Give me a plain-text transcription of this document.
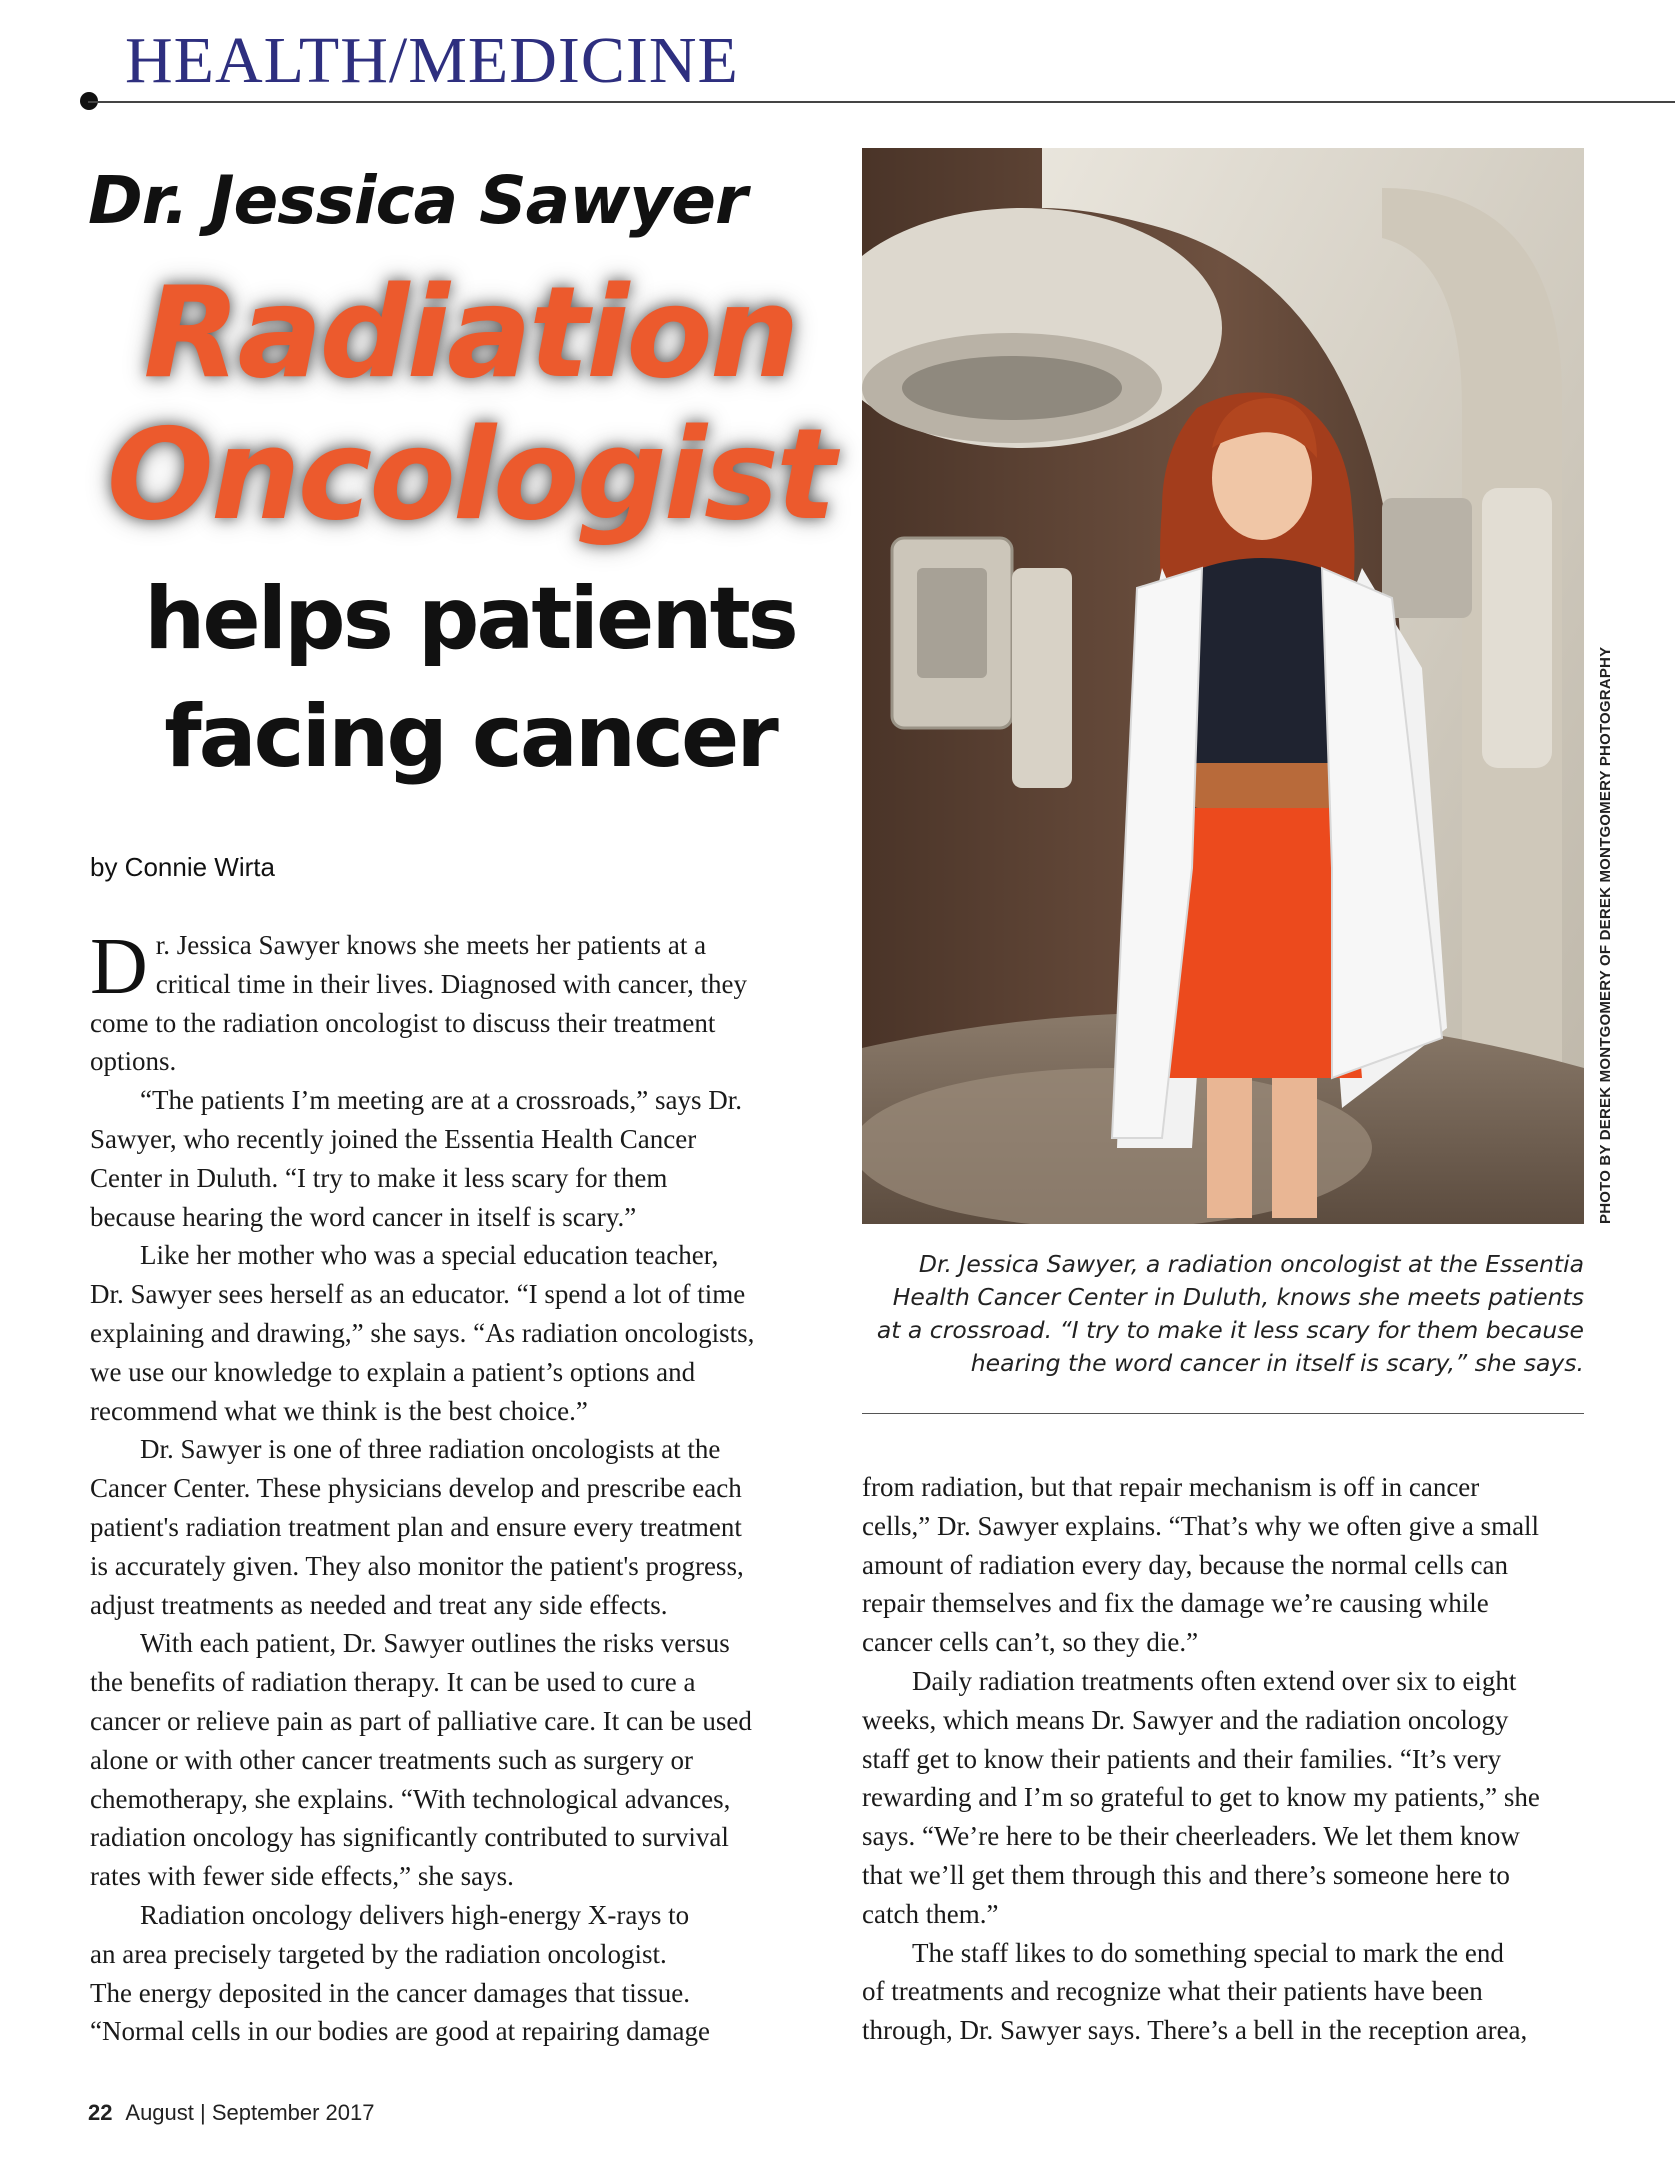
HEALTH/MEDICINE
Dr. Jessica Sawyer
Radiation
Oncologist
helps patients
facing cancer
by Connie Wirta

D r. Jessica Sawyer knows she meets her patients at a
critical time in their lives. Diagnosed with cancer, they
come to the radiation oncologist to discuss their treatment
options.

“The patients I’m meeting are at a crossroads,” says Dr.
Sawyer, who recently joined the Essentia Health Cancer
Center in Duluth. “I try to make it less scary for them
because hearing the word cancer in itself is scary.”

Like her mother who was a special education teacher,
Dr. Sawyer sees herself as an educator. “I spend a lot of time
explaining and drawing,” she says. “As radiation oncologists,
we use our knowledge to explain a patient’s options and
recommend what we think is the best choice.”

Dr. Sawyer is one of three radiation oncologists at the
Cancer Center. These physicians develop and prescribe each
patient's radiation treatment plan and ensure every treatment
is accurately given. They also monitor the patient's progress,
adjust treatments as needed and treat any side effects.

With each patient, Dr. Sawyer outlines the risks versus
the benefits of radiation therapy. It can be used to cure a
cancer or relieve pain as part of palliative care. It can be used
alone or with other cancer treatments such as surgery or
chemotherapy, she explains. “With technological advances,
radiation oncology has significantly contributed to survival
rates with fewer side effects,” she says.

Radiation oncology delivers high-energy X-rays to
an area precisely targeted by the radiation oncologist.
The energy deposited in the cancer damages that tissue.
“Normal cells in our bodies are good at repairing damage

PHOTO BY DEREK MONTGOMERY OF DEREK MONTGOMERY PHOTOGRAPHY
Dr. Jessica Sawyer, a radiation oncologist at the Essentia
Health Cancer Center in Duluth, knows she meets patients
at a crossroad. “I try to make it less scary for them because
hearing the word cancer in itself is scary,” she says.

from radiation, but that repair mechanism is off in cancer
cells,” Dr. Sawyer explains. “That’s why we often give a small
amount of radiation every day, because the normal cells can
repair themselves and fix the damage we’re causing while
cancer cells can’t, so they die.”

Daily radiation treatments often extend over six to eight
weeks, which means Dr. Sawyer and the radiation oncology
staff get to know their patients and their families. “It’s very
rewarding and I’m so grateful to get to know my patients,” she
says. “We’re here to be their cheerleaders. We let them know
that we’ll get them through this and there’s someone here to
catch them.”

The staff likes to do something special to mark the end
of treatments and recognize what their patients have been
through, Dr. Sawyer says. There’s a bell in the reception area,

22 August | September 2017
